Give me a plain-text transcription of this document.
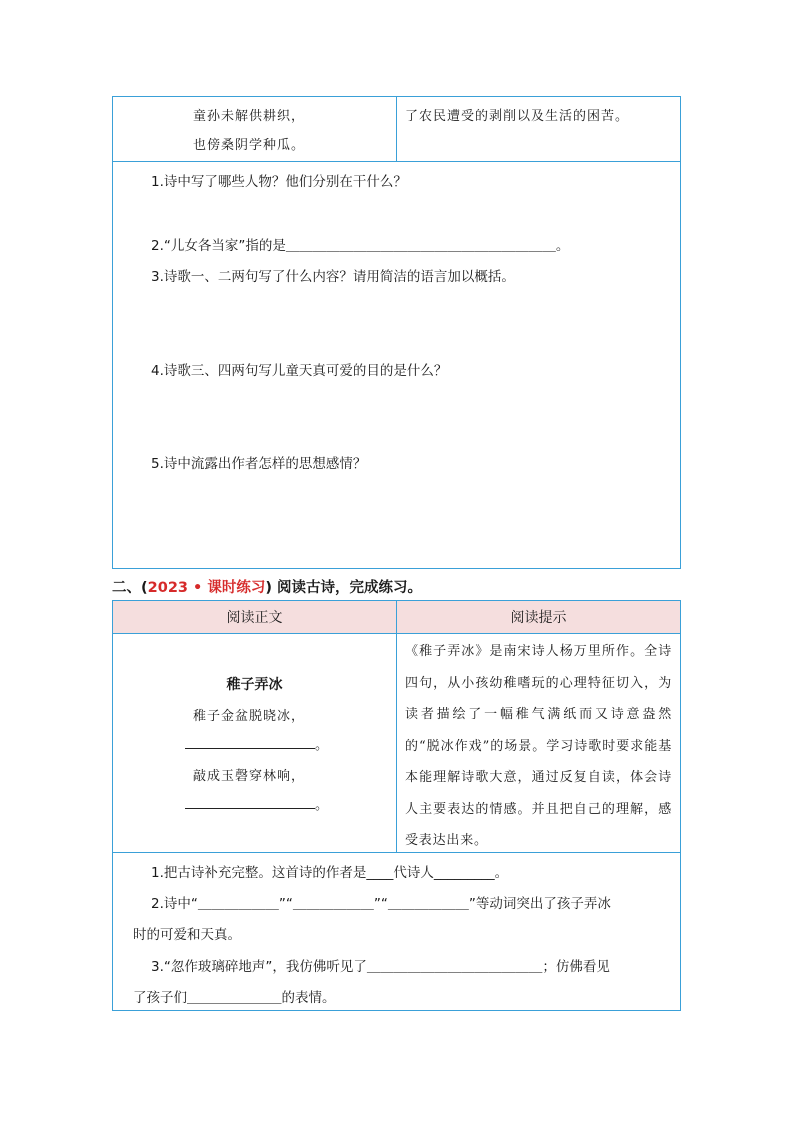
童孙未解供耕织，
也傍桑阴学种瓜。
了农民遭受的剥削以及生活的困苦。
1.诗中写了哪些人物？他们分别在干什么？
2.“儿女各当家”指的是＿＿＿＿＿＿＿＿＿＿＿＿＿＿＿＿＿＿＿＿。
3.诗歌一、二两句写了什么内容？请用简洁的语言加以概括。
4.诗歌三、四两句写儿童天真可爱的目的是什么？
5.诗中流露出作者怎样的思想感情？
二、(2023 • 课时练习) 阅读古诗，完成练习。
阅读正文	阅读提示
稚子弄冰
稚子金盆脱晓冰，
。
敲成玉磬穿林响，
。
《稚子弄冰》是南宋诗人杨万里所作。全诗四句，从小孩幼稚嗜玩的心理特征切入，为读者描绘了一幅稚气满纸而又诗意盎然的“脱冰作戏”的场景。学习诗歌时要求能基本能理解诗歌大意，通过反复自读，体会诗人主要表达的情感。并且把自己的理解，感受表达出来。
1.把古诗补充完整。这首诗的作者是____代诗人_________。
2.诗中“＿＿＿＿＿＿”“＿＿＿＿＿＿”“＿＿＿＿＿＿”等动词突出了孩子弄冰
时的可爱和天真。
3.“忽作玻璃碎地声”，我仿佛听见了＿＿＿＿＿＿＿＿＿＿＿＿＿；仿佛看见
了孩子们＿＿＿＿＿＿＿的表情。
